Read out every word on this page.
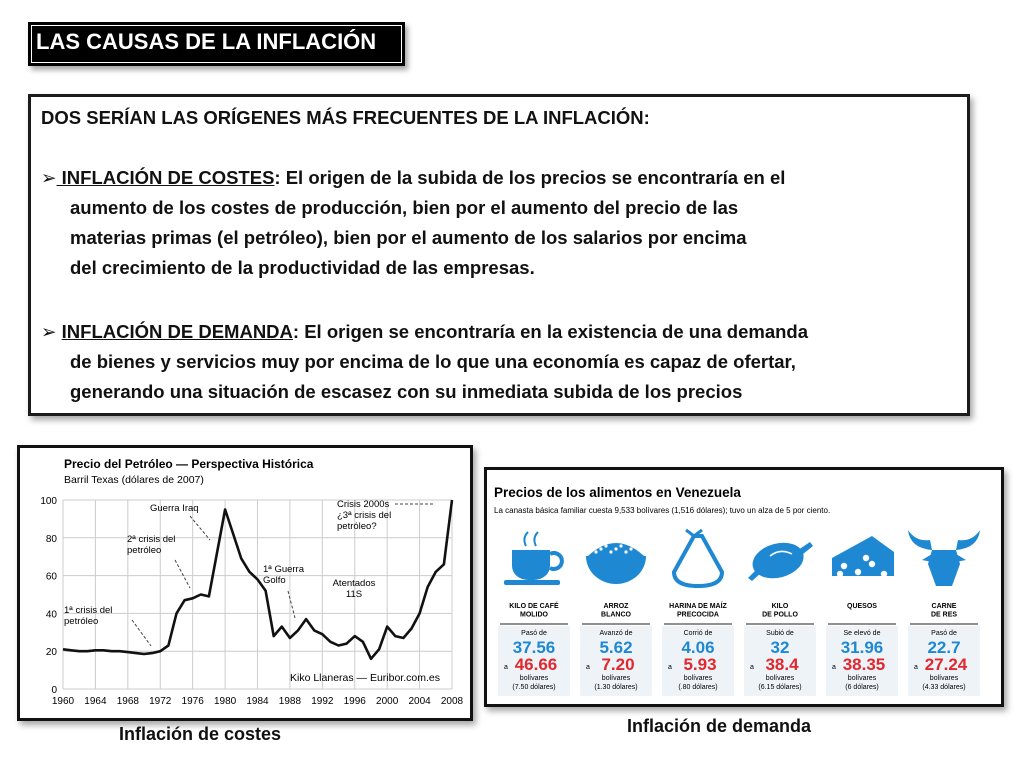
LAS CAUSAS DE LA INFLACIÓN
DOS SERÍAN LAS ORÍGENES MÁS FRECUENTES DE LA INFLACIÓN:
➢ INFLACIÓN DE COSTES: El origen de la subida de los precios se encontraría en el
aumento de los costes de producción, bien por el aumento del precio de las
materias primas (el petróleo), bien por el aumento de los salarios por encima
del crecimiento de la productividad de las empresas.
➢ INFLACIÓN DE DEMANDA: El origen se encontraría en la existencia de una demanda
de bienes y servicios muy por encima de lo que una economía es capaz de ofertar,
generando una situación de escasez con su inmediata subida de los precios
Precio del Petróleo — Perspectiva Histórica
Barril Texas (dólares de 2007)
0
20
40
60
80
100
1960 1964 1968 1972 1976 1980 1984 1988 1992 1996 2000 2004 2008
1ª crisis del
petróleo
2ª crisis del
petróleo
Guerra Iraq
1ª Guerra
Golfo	Atentados
11S
Crisis 2000s
¿3ª crisis del
petróleo?
Kiko Llaneras — Euribor.com.es
Inflación de costes
Precios de los alimentos en Venezuela
La canasta básica familiar cuesta 9,533 bolívares (1,516 dólares); tuvo un alza de 5 por ciento.
KILO DE CAFÉ
MOLIDO
Pasó de
37.56
a 46.66
bolívares
(7.50 dólares)
ARROZ
BLANCO
Avanzó de
5.62
a 7.20
bolívares
(1.30 dólares)
HARINA DE MAÍZ
PRECOCIDA
Corrió de
4.06
a 5.93
bolívares
(.80 dólares)
KILO
DE POLLO
Subió de
32
a 38.4
bolívares
(6.15 dólares)
QUESOS
Se elevó de
31.96
a 38.35
bolívares
(6 dólares)
CARNE
DE RES
Pasó de
22.7
a 27.24
bolívares
(4.33 dólares)
Inflación de demanda
